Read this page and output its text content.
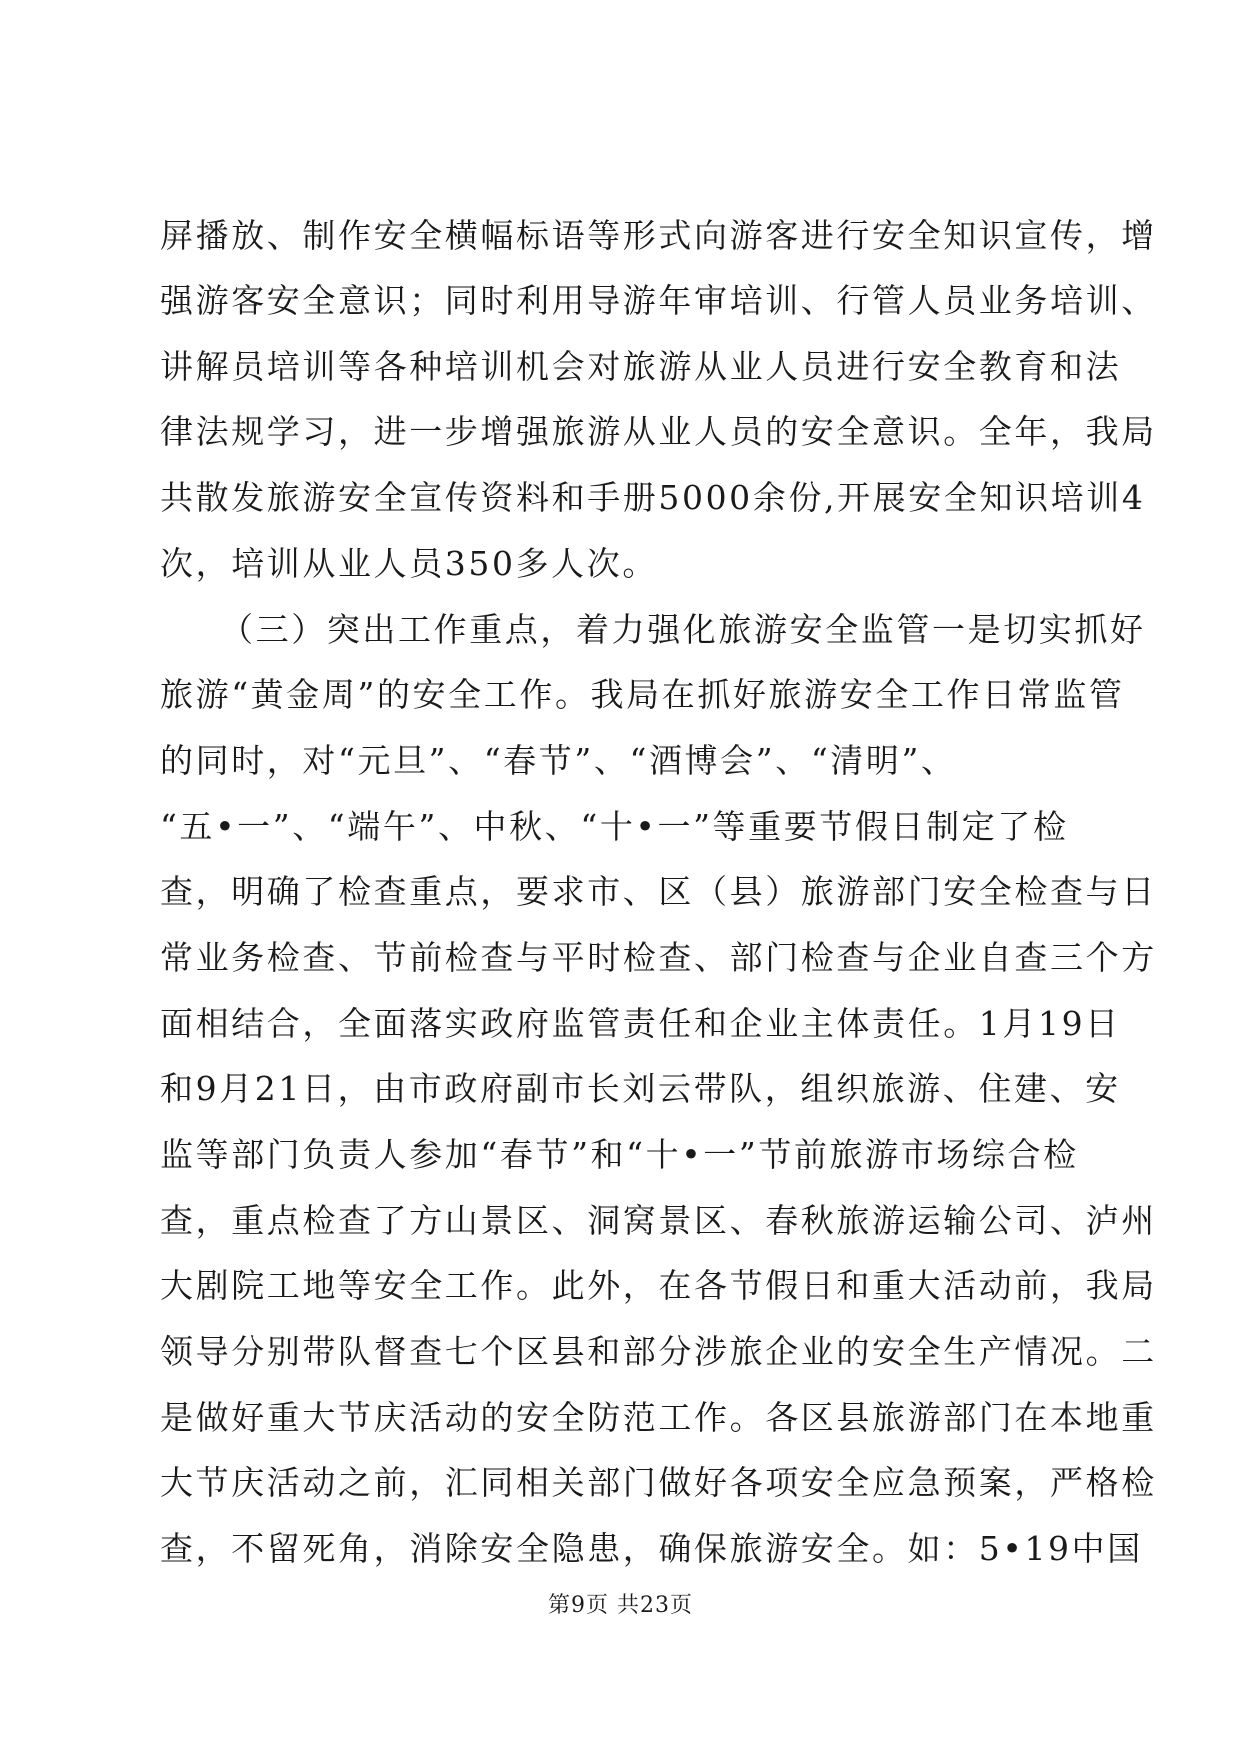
屏播放、制作安全横幅标语等形式向游客进行安全知识宣传，增
强游客安全意识；同时利用导游年审培训、行管人员业务培训、
讲解员培训等各种培训机会对旅游从业人员进行安全教育和法
律法规学习，进一步增强旅游从业人员的安全意识。全年，我局
共散发旅游安全宣传资料和手册5000余份,开展安全知识培训4
次，培训从业人员350多人次。
（三）突出工作重点，着力强化旅游安全监管一是切实抓好
旅游“黄金周”的安全工作。我局在抓好旅游安全工作日常监管
的同时，对“元旦”、“春节”、“酒博会”、“清明”、
“五•一”、“端午”、中秋、“十•一”等重要节假日制定了检
查，明确了检查重点，要求市、区（县）旅游部门安全检查与日
常业务检查、节前检查与平时检查、部门检查与企业自查三个方
面相结合，全面落实政府监管责任和企业主体责任。1月19日
和9月21日，由市政府副市长刘云带队，组织旅游、住建、安
监等部门负责人参加“春节”和“十•一”节前旅游市场综合检
查，重点检查了方山景区、洞窝景区、春秋旅游运输公司、泸州
大剧院工地等安全工作。此外，在各节假日和重大活动前，我局
领导分别带队督查七个区县和部分涉旅企业的安全生产情况。二
是做好重大节庆活动的安全防范工作。各区县旅游部门在本地重
大节庆活动之前，汇同相关部门做好各项安全应急预案，严格检
查，不留死角，消除安全隐患，确保旅游安全。如：5•19中国
第9页 共23页
